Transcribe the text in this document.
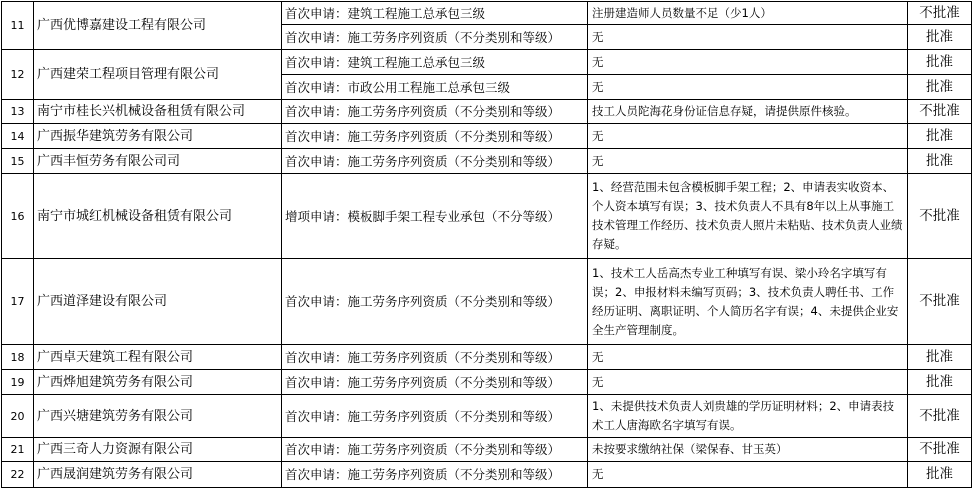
11	广西优博嘉建设工程有限公司	首次申请：建筑工程施工总承包三级	注册建造师人员数量不足（少1人）	不批准
		首次申请：施工劳务序列资质（不分类别和等级）	无	批准
12	广西建荣工程项目管理有限公司	首次申请：建筑工程施工总承包三级	无	批准
		首次申请：市政公用工程施工总承包三级	无	批准
13	南宁市桂长兴机械设备租赁有限公司	首次申请：施工劳务序列资质（不分类别和等级）	技工人员陀海花身份证信息存疑，请提供原件核验。	不批准
14	广西振华建筑劳务有限公司	首次申请：施工劳务序列资质（不分类别和等级）	无	批准
15	广西丰恒劳务有限公司司	首次申请：施工劳务序列资质（不分类别和等级）	无	批准
16	南宁市城红机械设备租赁有限公司	增项申请：模板脚手架工程专业承包（不分等级）	1、经营范围未包含模板脚手架工程；2、申请表实收资本、个人资本填写有误；3、技术负责人不具有8年以上从事施工技术管理工作经历、技术负责人照片未粘贴、技术负责人业绩存疑。	不批准
17	广西道泽建设有限公司	首次申请：施工劳务序列资质（不分类别和等级）	1、技术工人岳高杰专业工种填写有误、梁小玲名字填写有误；2、申报材料未编写页码；3、技术负责人聘任书、工作经历证明、离职证明、个人简历名字有误；4、未提供企业安全生产管理制度。	不批准
18	广西卓天建筑工程有限公司	首次申请：施工劳务序列资质（不分类别和等级）	无	批准
19	广西烨旭建筑劳务有限公司	首次申请：施工劳务序列资质（不分类别和等级）	无	批准
20	广西兴塘建筑劳务有限公司	首次申请：施工劳务序列资质（不分类别和等级）	1、未提供技术负责人刘贵雄的学历证明材料；2、申请表技术工人唐海欧名字填写有误。	不批准
21	广西三奇人力资源有限公司	首次申请：施工劳务序列资质（不分类别和等级）	未按要求缴纳社保（梁保春、甘玉英）	不批准
22	广西晟润建筑劳务有限公司	首次申请：施工劳务序列资质（不分类别和等级）	无	批准
